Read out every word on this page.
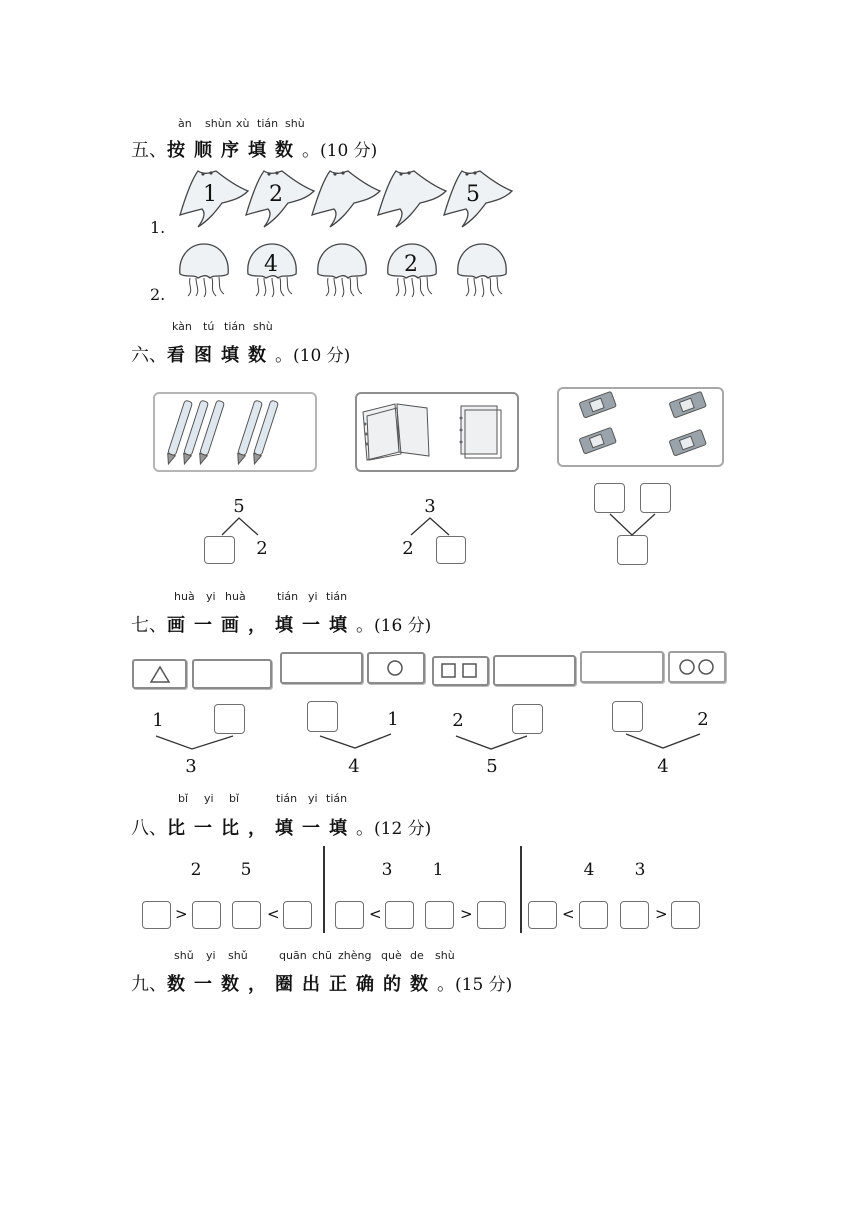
àn shùn xù tián shù
五、按顺序填数。(10 分)
1.
2.
1 2	5
4	2
kàn tú tián shù
六、看图填数。(10 分)
5
2
3
2
huà yi huà	tián yi tián
七、画一画，填一填。(16 分)
1
3
1
4
2
5
2
4
bǐ yi bǐ	tián yi tián
八、比一比，填一填。(12 分)
2	5
>	<
3	1
<	>
4	3
<	>
shǔ yi shǔ	quān chū zhèng què de shù
九、数一数，圈出正确的数。(15 分)
